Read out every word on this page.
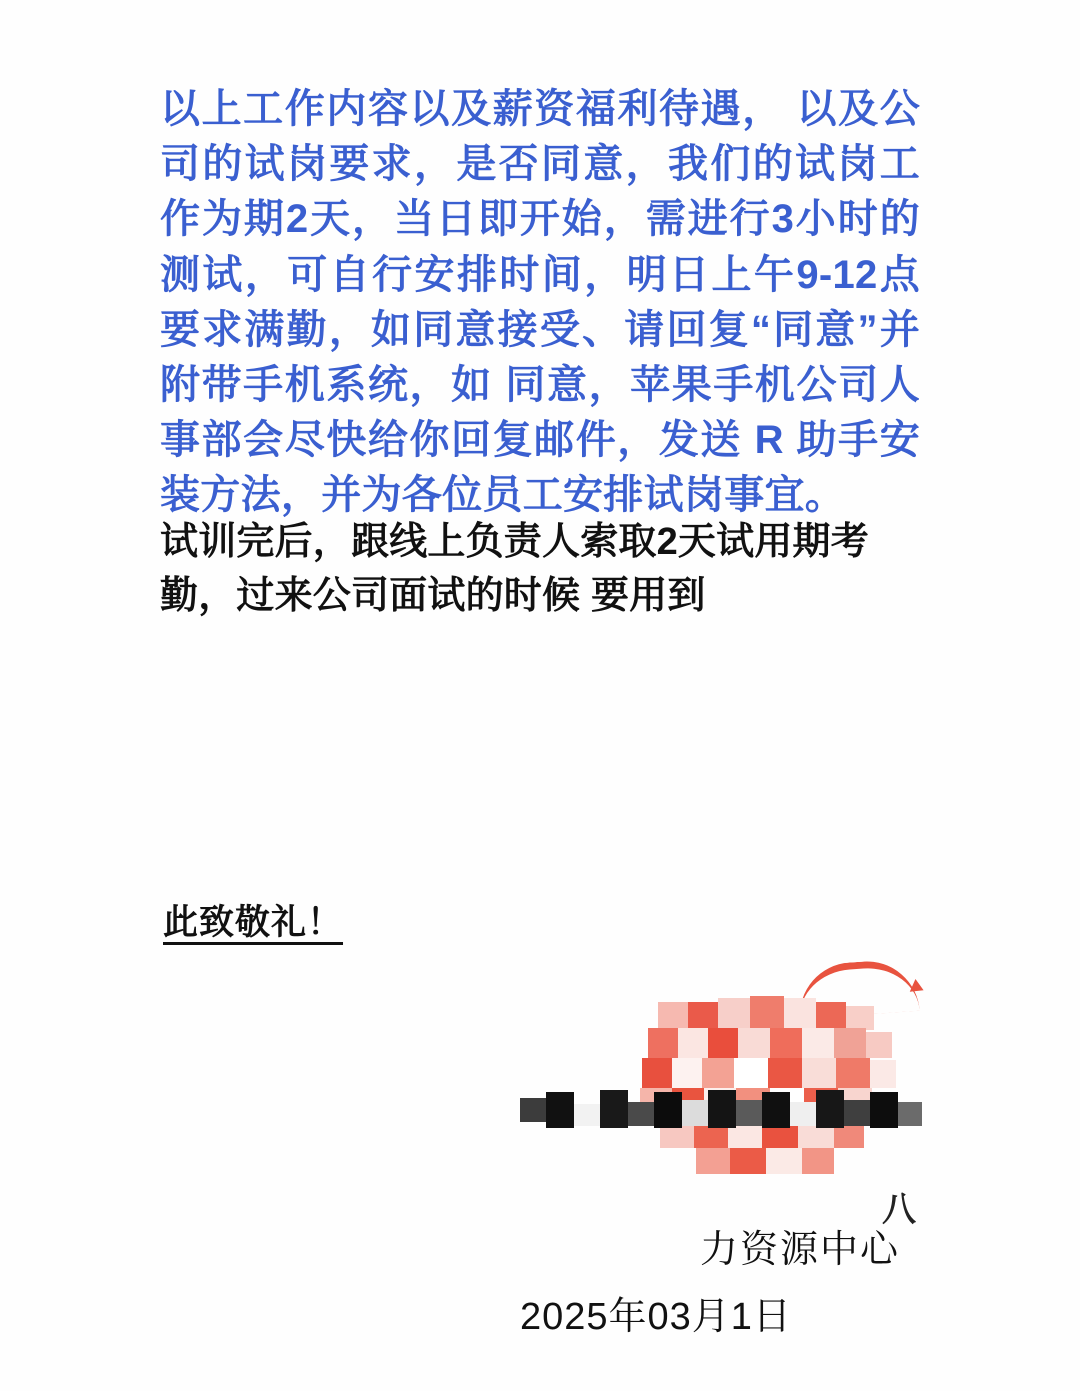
以上工作内容以及薪资福利待遇， 以及公司的试岗要求，是否同意，我们的试岗工作为期2天，当日即开始，需进行3小时的测试，可自行安排时间，明日上午9-12点要求满勤，如同意接受、请回复“同意”并附带手机系统，如 同意，苹果手机公司人事部会尽快给你回复邮件，发送 R 助手安装方法，并为各位员工安排试岗事宜。

试训完后，跟线上负责人索取2天试用期考勤，过来公司面试的时候 要用到

此致敬礼！
八
力资源中心
2025年03月1日
